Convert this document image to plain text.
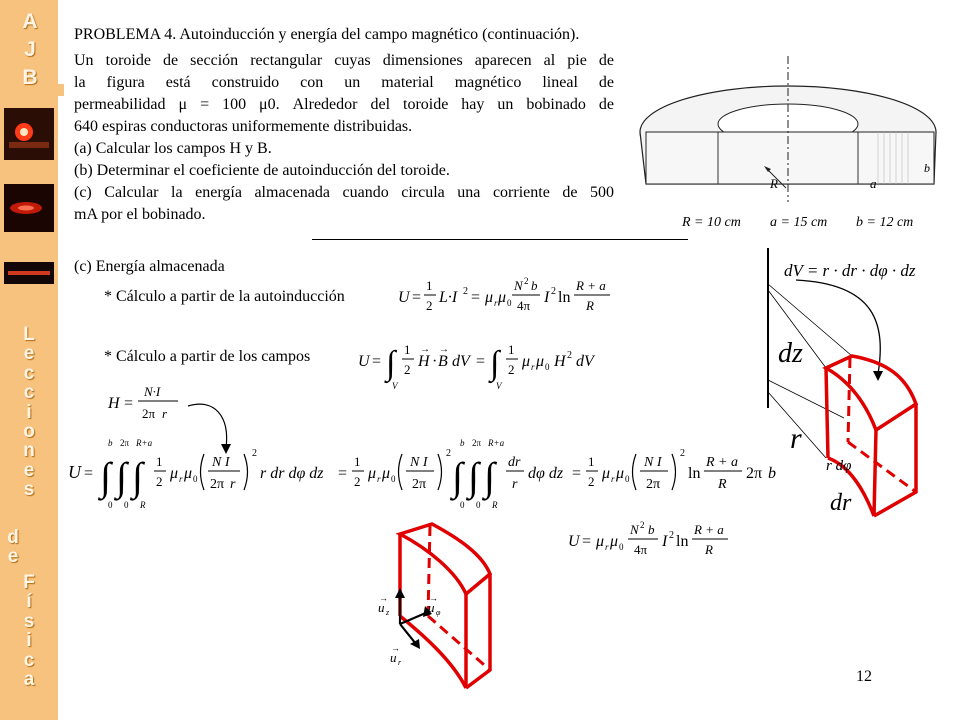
A
J
B
L
e
c
c
i
o
n
e
s
d
e
F
í
s
i
c
a
PROBLEMA 4. Autoinducción y energía del campo magnético (continuación).

Un toroide de sección rectangular cuyas dimensiones aparecen al pie de

la figura está construido con un material magnético lineal de

permeabilidad μ = 100 μ0. Alrededor del toroide hay un bobinado de

640 espiras conductoras uniformemente distribuidas.

(a) Calcular los campos H y B.

(b) Determinar el coeficiente de autoinducción del toroide.

(c) Calcular la energía almacenada cuando circula una corriente de 500

mA por el bobinado.

R	a
b
R = 10 cm a = 15 cm b = 12 cm
(c) Energía almacenada
* Cálculo a partir de la autoinducción
* Cálculo a partir de los campos
U =
1
2 L·I 2 = μ r μ 0
N 2 b
4π I 2 ln
R + a
R
U = ∫
V
1
2 H
→
· B
→
dV = ∫
V
1
2 μ r μ 0 H 2 dV
H =
N·I
2π r
U = ∫ ∫ ∫
b
0
2π
0
R+a
R
1
2 μ r μ 0
N I
2π r
2
r dr dφ dz =
1
2 μ r μ 0
N I
2π
2
∫ ∫ ∫
b
0
2π
0
R+a
R
dr
r
dφ dz =
1
2 μ r μ 0
N I
2π
2
ln
R + a
R
2π b
U = μ r μ 0
N 2 b
4π I 2 ln
R + a
R
dV = r · dr · dφ · dz
dz
r
r dφ
dr
u
→
z	u
→
φ
u
→
r
12
